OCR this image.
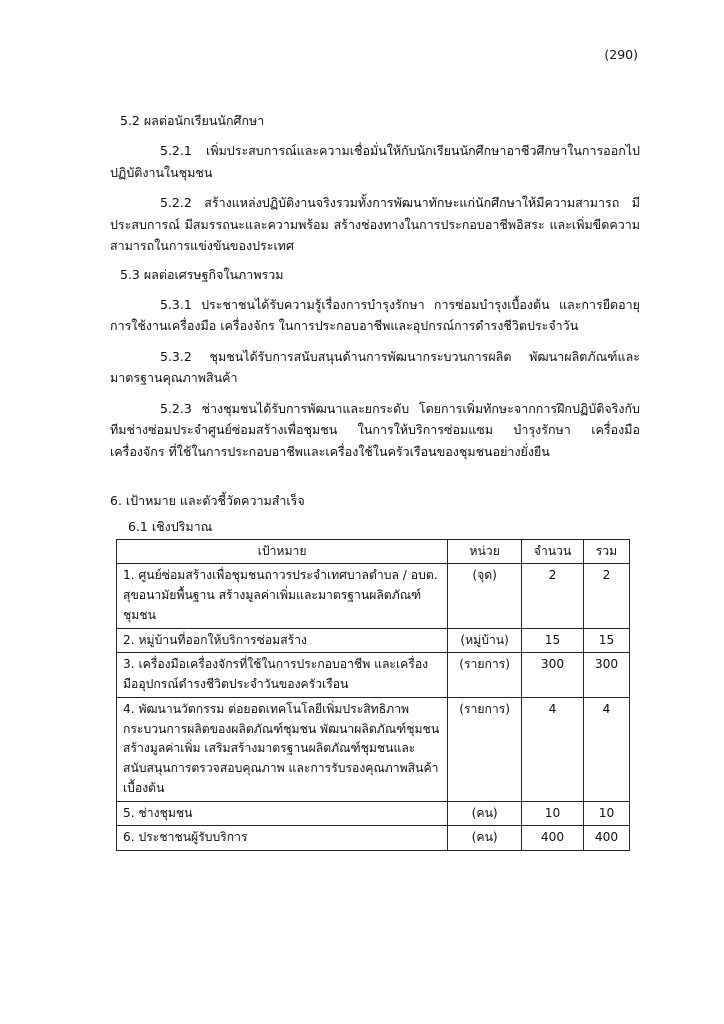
(290)
5.2 ผลต่อนักเรียนนักศึกษา

5.2.1 เพิ่มประสบการณ์และความเชื่อมั่นให้กับนักเรียนนักศึกษาอาชีวศึกษาในการออกไปปฏิบัติงานในชุมชน

5.2.2 สร้างแหล่งปฏิบัติงานจริงรวมทั้งการพัฒนาทักษะแก่นักศึกษาให้มีความสามารถ มีประสบการณ์ มีสมรรถนะและความพร้อม สร้างช่องทางในการประกอบอาชีพอิสระ และเพิ่มขีดความสามารถในการแข่งขันของประเทศ

5.3 ผลต่อเศรษฐกิจในภาพรวม

5.3.1 ประชาชนได้รับความรู้เรื่องการบำรุงรักษา การซ่อมบำรุงเบื้องต้น และการยืดอายุการใช้งานเครื่องมือ เครื่องจักร ในการประกอบอาชีพและอุปกรณ์การดำรงชีวิตประจำวัน

5.3.2 ชุมชนได้รับการสนับสนุนด้านการพัฒนากระบวนการผลิต พัฒนาผลิตภัณฑ์และมาตรฐานคุณภาพสินค้า

5.2.3 ช่างชุมชนได้รับการพัฒนาและยกระดับ โดยการเพิ่มทักษะจากการฝึกปฏิบัติจริงกับทีมช่างซ่อมประจำศูนย์ซ่อมสร้างเพื่อชุมชน ในการให้บริการซ่อมแซม บำรุงรักษา เครื่องมือเครื่องจักร ที่ใช้ในการประกอบอาชีพและเครื่องใช้ในครัวเรือนของชุมชนอย่างยั่งยืน

6. เป้าหมาย และตัวชี้วัดความสำเร็จ
6.1 เชิงปริมาณ
เป้าหมาย	หน่วย	จำนวน	รวม
1. ศูนย์ซ่อมสร้างเพื่อชุมชนถาวรประจำเทศบาลตำบล / อบต. สุขอนามัยพื้นฐาน สร้างมูลค่าเพิ่มและมาตรฐานผลิตภัณฑ์ชุมชน	(จุด)	2	2
2. หมู่บ้านที่ออกให้บริการซ่อมสร้าง	(หมู่บ้าน)	15	15
3. เครื่องมือเครื่องจักรที่ใช้ในการประกอบอาชีพ และเครื่องมืออุปกรณ์ดำรงชีวิตประจำวันของครัวเรือน	(รายการ)	300	300
4. พัฒนานวัตกรรม ต่อยอดเทคโนโลยีเพิ่มประสิทธิภาพกระบวนการผลิตของผลิตภัณฑ์ชุมชน พัฒนาผลิตภัณฑ์ชุมชน สร้างมูลค่าเพิ่ม เสริมสร้างมาตรฐานผลิตภัณฑ์ชุมชนและ สนับสนุนการตรวจสอบคุณภาพ และการรับรองคุณภาพสินค้าเบื้องต้น	(รายการ)	4	4
5. ช่างชุมชน	(คน)	10	10
6. ประชาชนผู้รับบริการ	(คน)	400	400
